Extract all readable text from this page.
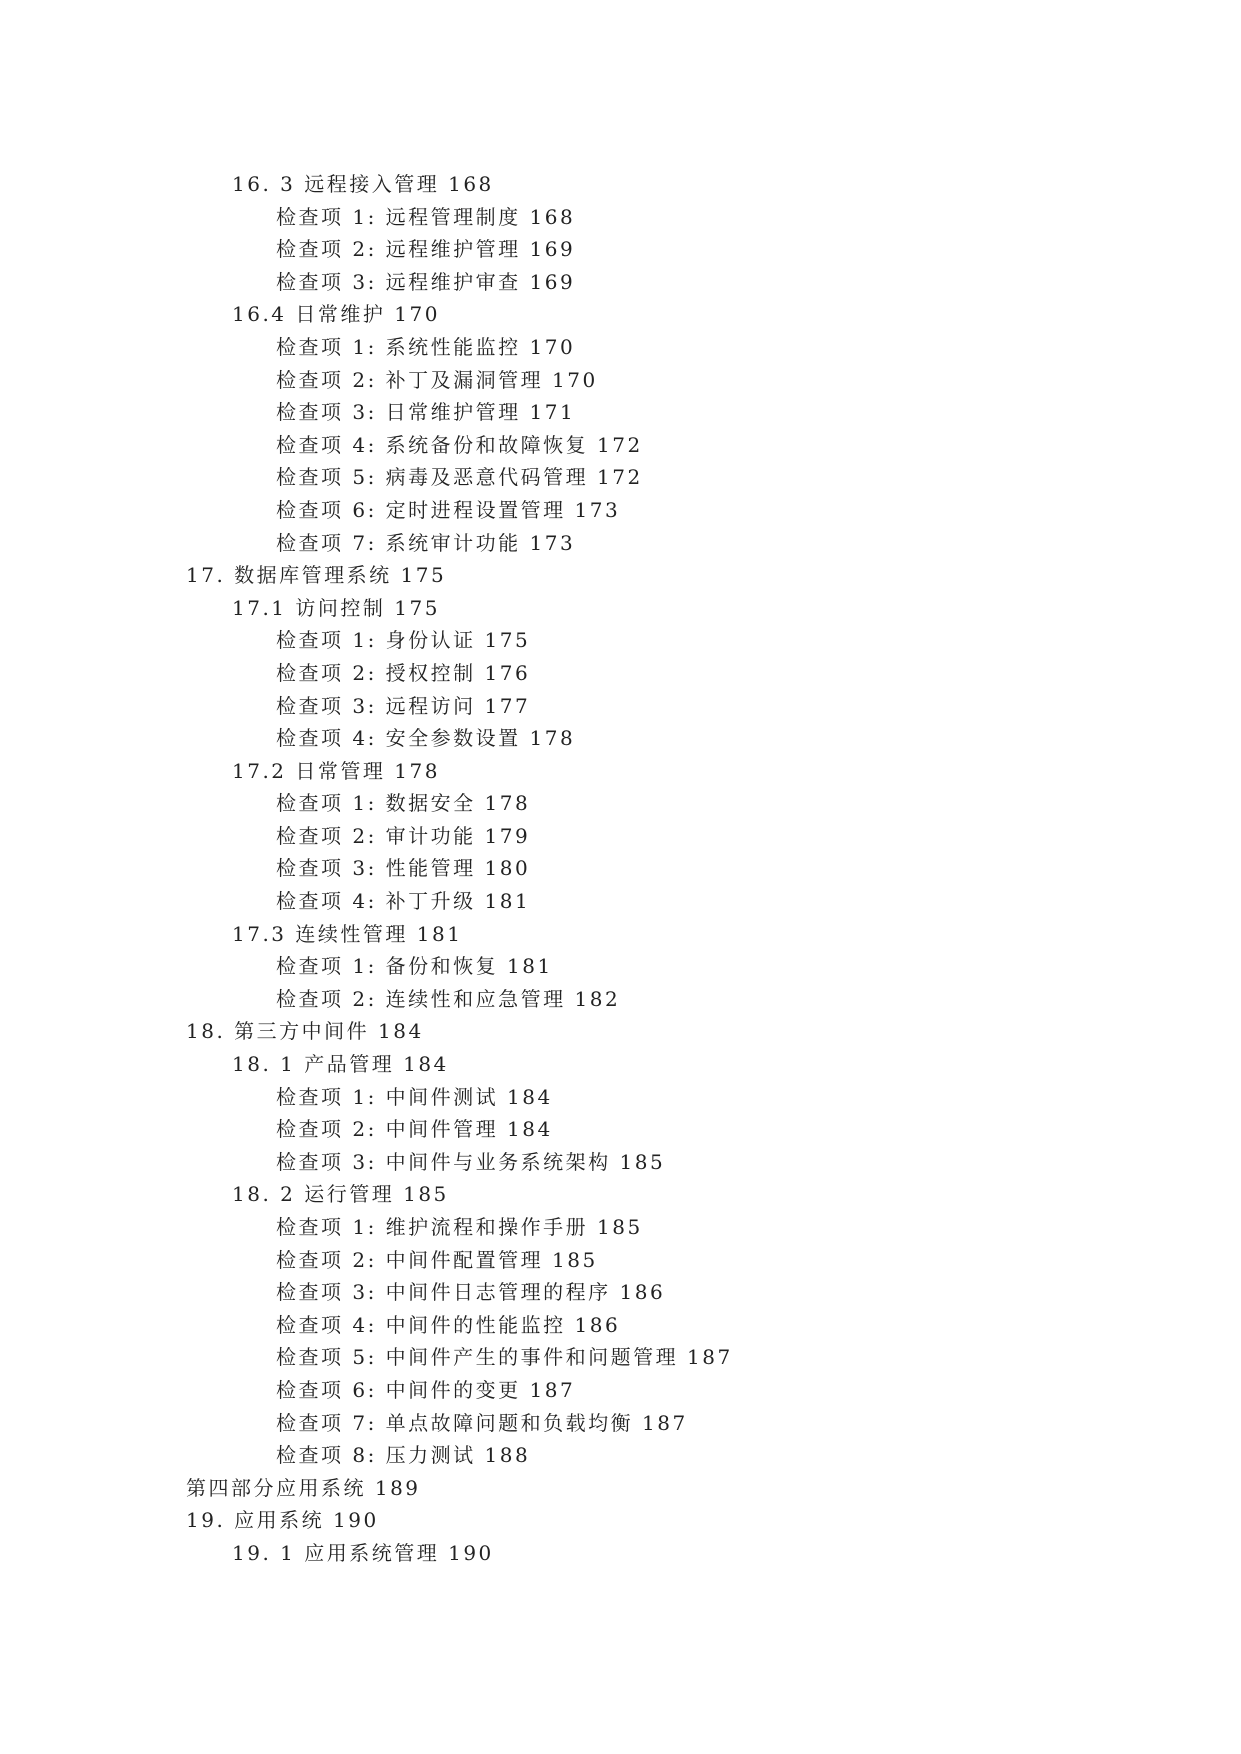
16. 3 远程接入管理 168
检查项 1: 远程管理制度 168
检查项 2: 远程维护管理 169
检查项 3: 远程维护审查 169
16.4 日常维护 170
检查项 1: 系统性能监控 170
检查项 2: 补丁及漏洞管理 170
检查项 3: 日常维护管理 171
检查项 4: 系统备份和故障恢复 172
检查项 5: 病毒及恶意代码管理 172
检查项 6: 定时进程设置管理 173
检查项 7: 系统审计功能 173
17. 数据库管理系统 175
17.1 访问控制 175
检查项 1: 身份认证 175
检查项 2: 授权控制 176
检查项 3: 远程访问 177
检查项 4: 安全参数设置 178
17.2 日常管理 178
检查项 1: 数据安全 178
检查项 2: 审计功能 179
检查项 3: 性能管理 180
检查项 4: 补丁升级 181
17.3 连续性管理 181
检查项 1: 备份和恢复 181
检查项 2: 连续性和应急管理 182
18. 第三方中间件 184
18. 1 产品管理 184
检查项 1: 中间件测试 184
检查项 2: 中间件管理 184
检查项 3: 中间件与业务系统架构 185
18. 2 运行管理 185
检查项 1: 维护流程和操作手册 185
检查项 2: 中间件配置管理 185
检查项 3: 中间件日志管理的程序 186
检查项 4: 中间件的性能监控 186
检查项 5: 中间件产生的事件和问题管理 187
检查项 6: 中间件的变更 187
检查项 7: 单点故障问题和负载均衡 187
检查项 8: 压力测试 188
第四部分应用系统 189
19. 应用系统 190
19. 1 应用系统管理 190
